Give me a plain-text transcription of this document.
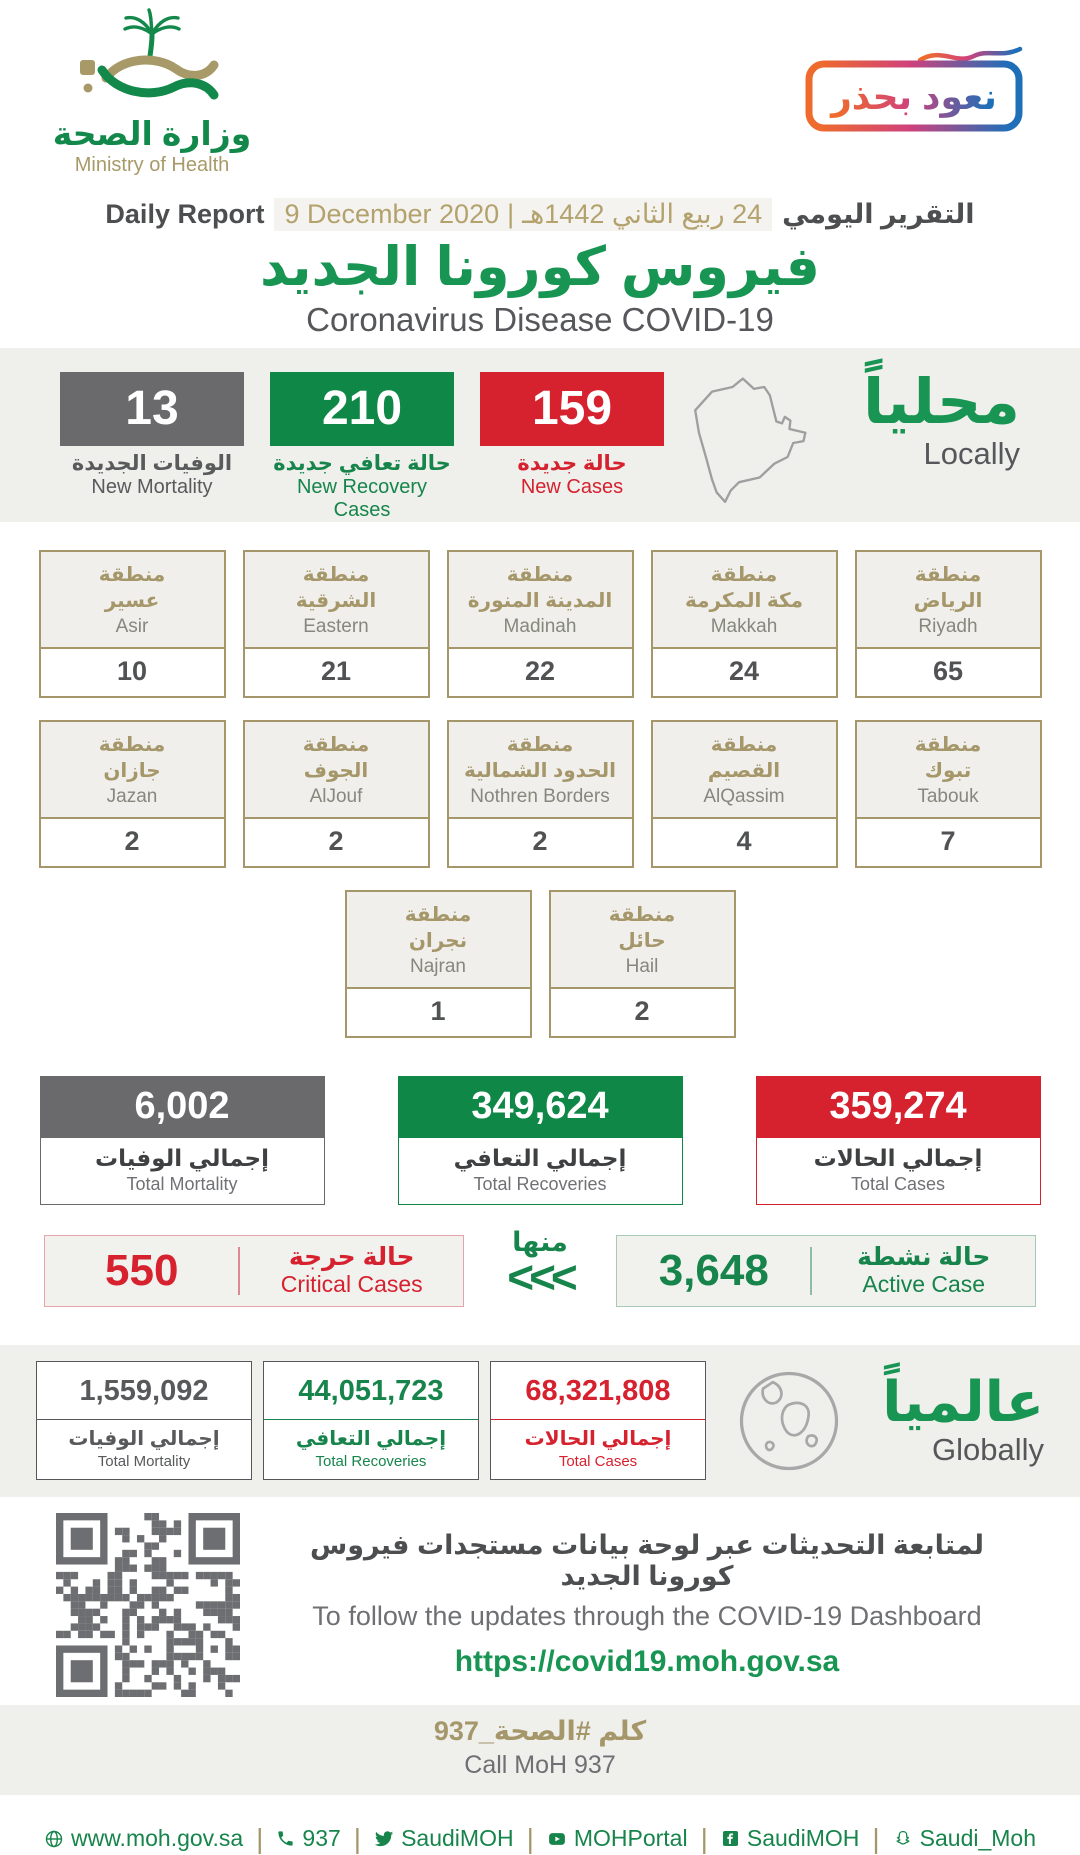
وزارة الصحة
Ministry of Health
نعود بحذر
Daily Report 9 December 2020 | 24 ربيع الثاني 1442هـ التقرير اليومي
فيروس كورونا الجديد
Coronavirus Disease COVID-19
13
الوفيات الجديدة
New Mortality
210
حالة تعافي جديدة
New Recovery Cases
159
حالة جديدة
New Cases
محلياً
Locally
منطقة
عسير
Asir
10
منطقة
الشرقية
Eastern
21
منطقة
المدينة المنورة
Madinah
22
منطقة
مكة المكرمة
Makkah
24
منطقة
الرياض
Riyadh
65
منطقة
جازان
Jazan
2
منطقة
الجوف
AlJouf
2
منطقة
الحدود الشمالية
Nothren Borders
2
منطقة
القصيم
AlQassim
4
منطقة
تبوك
Tabouk
7
منطقة
نجران
Najran
1
منطقة
حائل
Hail
2
6,002
إجمالي الوفيات
Total Mortality
349,624
إجمالي التعافي
Total Recoveries
359,274
إجمالي الحالات
Total Cases
550	حالة حرجة
Critical Cases
منها
<<<	3,648	حالة نشطة
Active Case
1,559,092
إجمالي الوفيات
Total Mortality
44,051,723
إجمالي التعافي
Total Recoveries
68,321,808
إجمالي الحالات
Total Cases
عالمياً
Globally
لمتابعة التحديثات عبر لوحة بيانات مستجدات فيروس كورونا الجديد
To follow the updates through the COVID-19 Dashboard
https://covid19.moh.gov.sa
كلم #الصحة_937
Call MoH 937
www.moh.gov.sa | 937 | SaudiMOH | MOHPortal | SaudiMOH | Saudi_Moh
